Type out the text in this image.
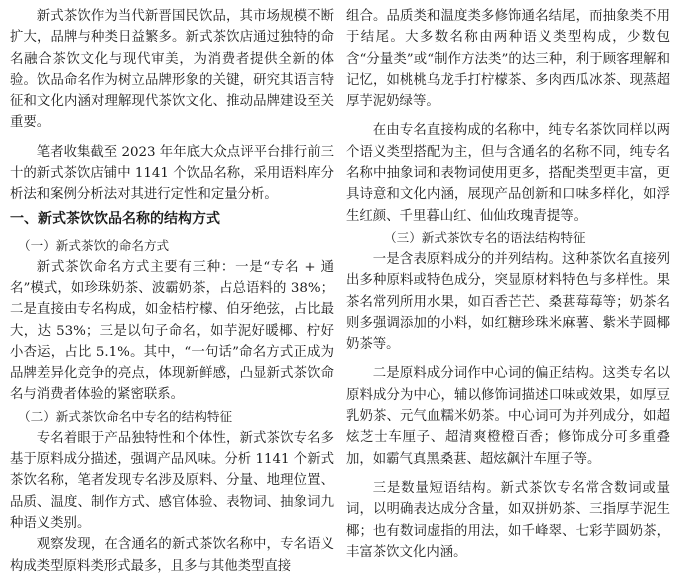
新式茶饮作为当代新晋国民饮品，其市场规模不断扩大，品牌与种类日益繁多。新式茶饮店通过独特的命名融合茶饮文化与现代审美，为消费者提供全新的体验。饮品命名作为树立品牌形象的关键，研究其语言特征和文化内涵对理解现代茶饮文化、推动品牌建设至关重要。

笔者收集截至 2023 年年底大众点评平台排行前三十的新式茶饮店铺中 1141 个饮品名称，采用语料库分析法和案例分析法对其进行定性和定量分析。

一、新式茶饮饮品名称的结构方式
（一）新式茶饮的命名方式

新式茶饮命名方式主要有三种：一是“专名 + 通名”模式，如珍珠奶茶、波霸奶茶，占总语料的 38%；二是直接由专名构成，如金桔柠檬、伯牙绝弦，占比最大，达 53%；三是以句子命名，如芋泥好暖椰、柠好小杏运，占比 5.1%。其中，“一句话”命名方式正成为品牌差异化竞争的亮点，体现新鲜感，凸显新式茶饮命名与消费者体验的紧密联系。

（二）新式茶饮命名中专名的结构特征

专名着眼于产品独特性和个体性，新式茶饮专名多基于原料成分描述，强调产品风味。分析 1141 个新式茶饮名称，笔者发现专名涉及原料、分量、地理位置、品质、温度、制作方式、感官体验、表物词、抽象词九种语义类别。

观察发现，在含通名的新式茶饮名称中，专名语义构成类型原料类形式最多，且多与其他类型直接

组合。品质类和温度类多修饰通名结尾，而抽象类不用于结尾。大多数名称由两种语义类型构成，少数包含“分量类”或“制作方法类”的达三种，利于顾客理解和记忆，如桃桃乌龙手打柠檬茶、多肉西瓜冰茶、现蒸超厚芋泥奶绿等。

在由专名直接构成的名称中，纯专名茶饮同样以两个语义类型搭配为主，但与含通名的名称不同，纯专名名称中抽象词和表物词使用更多，搭配类型更丰富，更具诗意和文化内涵，展现产品创新和口味多样化，如浮生红颜、千里暮山红、仙仙玫瑰青提等。

（三）新式茶饮专名的语法结构特征

一是含表原料成分的并列结构。这种茶饮名直接列出多种原料或特色成分，突显原材料特色与多样性。果茶名常列所用水果，如百香芒芒、桑葚莓莓等；奶茶名则多强调添加的小料，如红糖珍珠米麻薯、紫米芋圆椰奶茶等。

二是原料成分词作中心词的偏正结构。这类专名以原料成分为中心，辅以修饰词描述口味或效果，如厚豆乳奶茶、元气血糯米奶茶。中心词可为并列成分，如超炫芝士车厘子、超清爽橙橙百香；修饰成分可多重叠加，如霸气真黑桑葚、超炫飙汁车厘子等。

三是数量短语结构。新式茶饮专名常含数词或量词，以明确表达成分含量，如双拼奶茶、三指厚芋泥生椰；也有数词虚指的用法，如千峰翠、七彩芋圆奶茶，丰富茶饮文化内涵。
